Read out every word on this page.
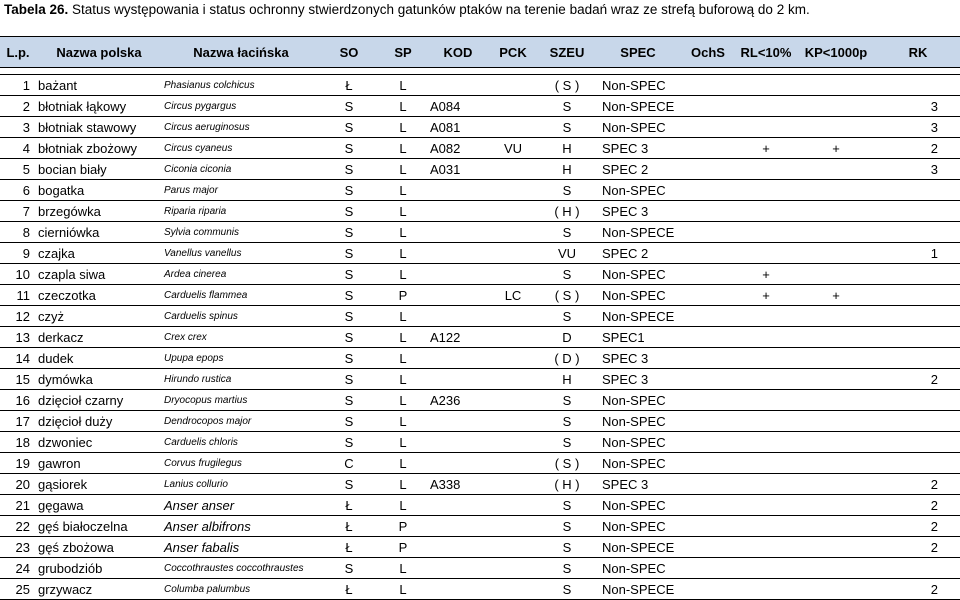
Tabela 26. Status występowania i status ochronny stwierdzonych gatunków ptaków na terenie badań wraz ze strefą buforową do 2 km.
L.p.	Nazwa polska	Nazwa łacińska	SO	SP	KOD	PCK	SZEU	SPEC	OchS	RL<10%	KP<1000p	RK

1	bażant	Phasianus colchicus	Ł	L			( S )	Non-SPEC				
2	błotniak łąkowy	Circus pygargus	S	L	A084		S	Non-SPECE				3
3	błotniak stawowy	Circus aeruginosus	S	L	A081		S	Non-SPEC				3
4	błotniak zbożowy	Circus cyaneus	S	L	A082	VU	H	SPEC 3		+	+	2
5	bocian biały	Ciconia ciconia	S	L	A031		H	SPEC 2				3
6	bogatka	Parus major	S	L			S	Non-SPEC				
7	brzegówka	Riparia riparia	S	L			( H )	SPEC 3				
8	cierniówka	Sylvia communis	S	L			S	Non-SPECE				
9	czajka	Vanellus vanellus	S	L			VU	SPEC 2				1
10	czapla siwa	Ardea cinerea	S	L			S	Non-SPEC		+		
11	czeczotka	Carduelis flammea	S	P		LC	( S )	Non-SPEC		+	+	
12	czyż	Carduelis spinus	S	L			S	Non-SPECE				
13	derkacz	Crex crex	S	L	A122		D	SPEC1				
14	dudek	Upupa epops	S	L			( D )	SPEC 3				
15	dymówka	Hirundo rustica	S	L			H	SPEC 3				2
16	dzięcioł czarny	Dryocopus martius	S	L	A236		S	Non-SPEC				
17	dzięcioł duży	Dendrocopos major	S	L			S	Non-SPEC				
18	dzwoniec	Carduelis chloris	S	L			S	Non-SPEC				
19	gawron	Corvus frugilegus	C	L			( S )	Non-SPEC				
20	gąsiorek	Lanius collurio	S	L	A338		( H )	SPEC 3				2
21	gęgawa	Anser anser	Ł	L			S	Non-SPEC				2
22	gęś białoczelna	Anser albifrons	Ł	P			S	Non-SPEC				2
23	gęś zbożowa	Anser fabalis	Ł	P			S	Non-SPECE				2
24	grubodziób	Coccothraustes coccothraustes	S	L			S	Non-SPEC				
25	grzywacz	Columba palumbus	Ł	L			S	Non-SPECE				2
